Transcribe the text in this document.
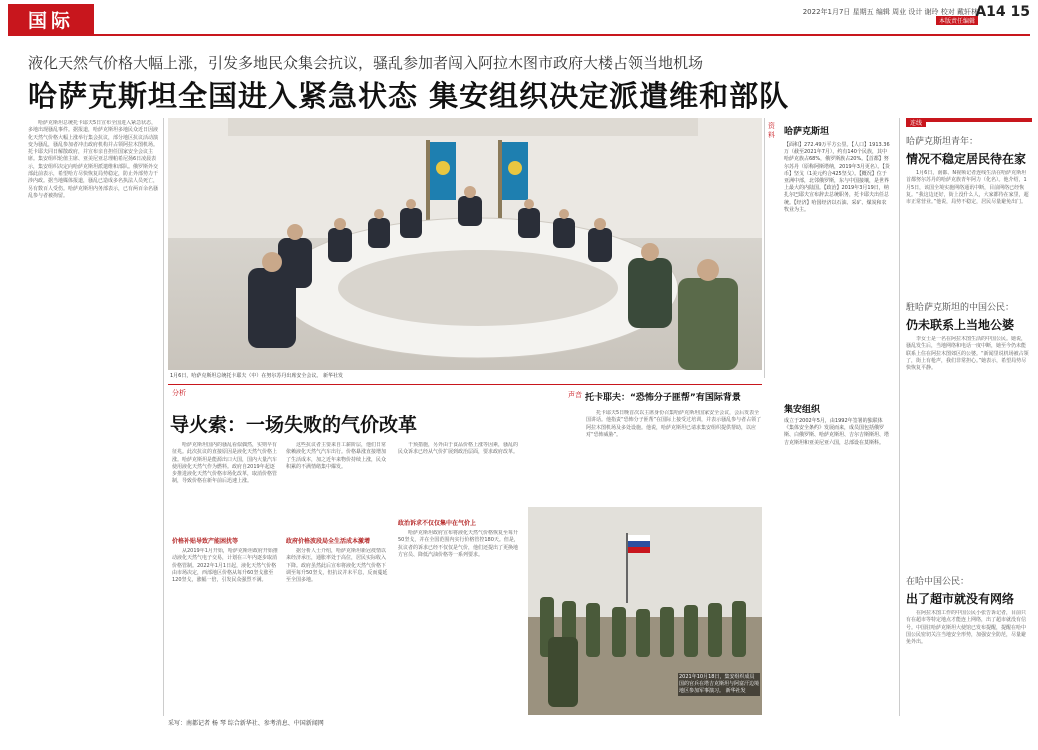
国际	2022年1月7日 星期五 编辑 周业 设计 谢玲 校对 戴轩林
本版责任编辑
A14 15
液化天然气价格大幅上涨，引发多地民众集会抗议，骚乱参加者闯入阿拉木图市政府大楼占领当地机场
哈萨克斯坦全国进入紧急状态 集安组织决定派遣维和部队
哈萨克斯坦总统托卡耶夫5日宣布全国进入紧急状态，多地出现骚乱事件。据报道，哈萨克斯坦多地民众近日因液化天然气价格大幅上涨举行集会抗议，部分地区抗议活动演变为骚乱，骚乱参加者冲击政府机构并占领阿拉木图机场。托卡耶夫同日解散政府，并宣布亲自担任国家安全会议主席。集安组织轮值主席、亚美尼亚总理帕希尼扬6日凌晨表示，集安组织决定向哈萨克斯坦派遣维和部队。俄罗斯外交部此前表示，希望哈方尽快恢复局势稳定，防止外部势力干涉内政。据当地媒体报道，骚乱已造成多名执法人员死亡，另有数百人受伤。哈萨克斯坦内务部表示，已有两百余名骚乱参与者被拘留。
1月6日，哈萨克斯坦总统托卡耶夫（中）在努尔苏丹出席安全会议。 新华社发
分析
导火索：一场失败的气价改革
哈萨克斯坦国内的骚乱看似偶然，实则早有征兆。此次抗议的直接原因是液化天然气价格上涨。哈萨克斯坦是能源出口大国，国内大量汽车使用液化天然气作为燃料。政府自2019年起逐步推进液化天然气价格市场化改革，取消价格管制，导致价格在新年前后迅速上涨。
价格补贴导致产能困扰等
从2019年1月开始，哈萨克斯坦政府开始推动液化天然气电子交易，计划在三年内逐步取消价格管制。2022年1月1日起，液化天然气价格由市场决定，西部地区价格从每升60坚戈涨至120坚戈，涨幅一倍，引发民众强烈不满。
这些抗议者主要来自工薪阶层，他们日常依赖液化天然气汽车出行。价格暴涨直接增加了生活成本，加之近年来物价持续上涨，民众积累的不满情绪集中爆发。
政府价格波段局全生活成本激增
据分析人士介绍，哈萨克斯坦新冠疫情以来经济承压，通胀率处于高位，居民实际收入下降。政府虽然此后宣布将液化天然气价格下调至每升50坚戈，但抗议并未平息，反而蔓延至全国多地。
干预措施，另外由于食品价格上涨等因素，骚乱的民众诉求已经从气价扩展到政治层面，要求政府改革。
政治诉求不仅仅集中在气价上
哈萨克斯坦政府宣布将液化天然气价格恢复至每升50坚戈，并在全国范围内实行价格管控180天。但是，抗议者的诉求已经不仅仅是气价，他们还提出了更换地方官员、降低汽油价格等一系列要求。
声音 托卡耶夫：“恐怖分子匪帮”有国际背景
托卡耶夫5日晚首次以主席身份召集哈萨克斯坦国家安全会议，会后发表全国讲话。他指责“恐怖分子匪帮”在国际上接受过培训，并表示骚乱参与者占领了阿拉木图机场及多处设施。他说，哈萨克斯坦已请求集安组织提供帮助，以应对“恐怖威胁”。
2021年10月18日，集安组织成员国的官兵在塔吉克斯坦与阿富汗边境地区参加军事演习。 新华社发
资料 哈萨克斯坦
【面积】272.49万平方公里。【人口】1913.36万（截至2021年7月），约有140个民族，其中哈萨克族占68%，俄罗斯族占20%。【首都】努尔苏丹（原称阿斯塔纳，2019年3月更名）。【货币】坚戈（1美元约合425坚戈）。【概况】位于亚洲中部，北邻俄罗斯，东与中国接壤，是世界上最大的内陆国。【政治】2019年3月19日，纳扎尔巴耶夫宣布辞去总统职务，托卡耶夫出任总统。【经济】哈国经济以石油、采矿、煤炭和农牧业为主。
集安组织
成立于2002年5月，由1992年签署的独联体《集体安全条约》发展而来，成员国包括俄罗斯、白俄罗斯、哈萨克斯坦、吉尔吉斯斯坦、塔吉克斯坦和亚美尼亚六国，总部设在莫斯科。
连线
哈萨克斯坦青年：
情况不稳定居民待在家
1月6日，南都、N视频记者连线生活在哈萨克斯坦首都努尔苏丹的哈萨克族青年阿力（化名）。他介绍，1月5日，该国全境实施网络通讯中断，目前网络已经恢复。“我这边还好，街上没什么人，大家都待在家里，超市正常营业。”他说，局势不稳定，居民尽量避免出门。
駐哈萨克斯坦的中国公民：
仍未联系上当地公婆
李女士是一名在阿拉木图生活的中国公民。她说，骚乱发生后，当地网络和电话一度中断，她至今仍未能联系上住在阿拉木图郊区的公婆。“新闻里说机场被占领了，街上有枪声，我们非常担心。”她表示，希望局势尽快恢复平静。
在哈中国公民：
出了超市就没有网络
在阿拉木图工作的中国公民小张告诉记者，目前只有在超市等特定地点才能连上网络，出了超市就没有信号。中国驻哈萨克斯坦大使馆已发布提醒，提醒在哈中国公民密切关注当地安全形势，加强安全防范，尽量避免外出。
采写：南都记者 杨 琴 综合新华社、参考消息、中国新闻网
